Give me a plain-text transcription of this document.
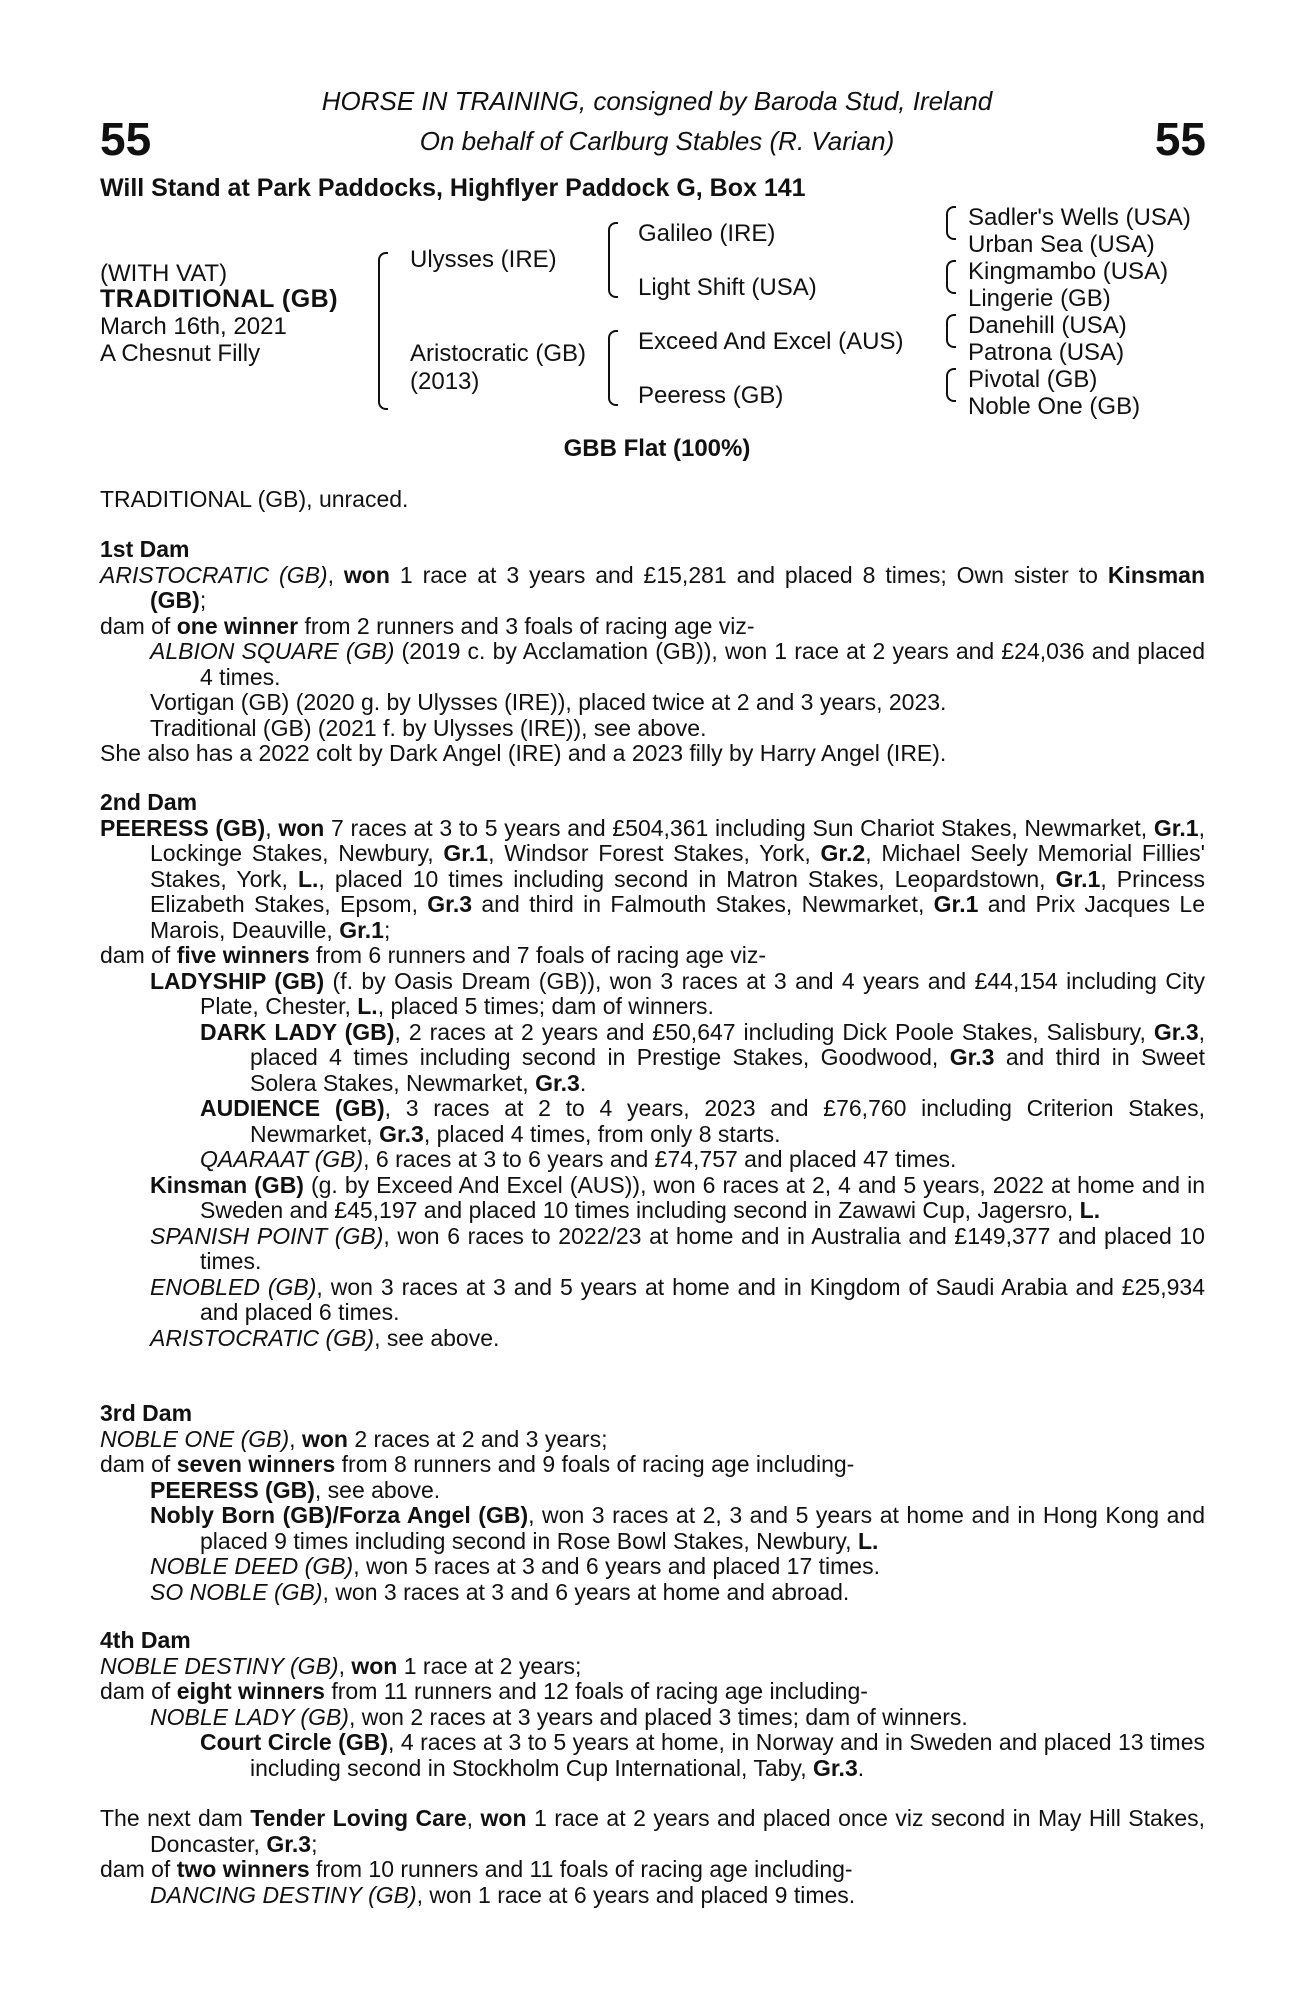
55	55
HORSE IN TRAINING, consigned by Baroda Stud, Ireland
On behalf of Carlburg Stables (R. Varian)
Will Stand at Park Paddocks, Highflyer Paddock G, Box 141
(WITH VAT)
TRADITIONAL (GB)
March 16th, 2021
A Chesnut Filly
Ulysses (IRE)
Aristocratic (GB)
(2013)
Galileo (IRE)
Light Shift (USA)
Exceed And Excel (AUS)
Peeress (GB)
Sadler's Wells (USA)
Urban Sea (USA)
Kingmambo (USA)
Lingerie (GB)
Danehill (USA)
Patrona (USA)
Pivotal (GB)
Noble One (GB)
GBB Flat (100%)
TRADITIONAL (GB), unraced.

1st Dam

ARISTOCRATIC (GB), won 1 race at 3 years and £15,281 and placed 8 times; Own sister to Kinsman (GB);

dam of one winner from 2 runners and 3 foals of racing age viz-

ALBION SQUARE (GB) (2019 c. by Acclamation (GB)), won 1 race at 2 years and £24,036 and placed 4 times.

Vortigan (GB) (2020 g. by Ulysses (IRE)), placed twice at 2 and 3 years, 2023.

Traditional (GB) (2021 f. by Ulysses (IRE)), see above.

She also has a 2022 colt by Dark Angel (IRE) and a 2023 filly by Harry Angel (IRE).

2nd Dam

PEERESS (GB), won 7 races at 3 to 5 years and £504,361 including Sun Chariot Stakes, Newmarket, Gr.1, Lockinge Stakes, Newbury, Gr.1, Windsor Forest Stakes, York, Gr.2, Michael Seely Memorial Fillies' Stakes, York, L., placed 10 times including second in Matron Stakes, Leopardstown, Gr.1, Princess Elizabeth Stakes, Epsom, Gr.3 and third in Falmouth Stakes, Newmarket, Gr.1 and Prix Jacques Le Marois, Deauville, Gr.1;

dam of five winners from 6 runners and 7 foals of racing age viz-

LADYSHIP (GB) (f. by Oasis Dream (GB)), won 3 races at 3 and 4 years and £44,154 including City Plate, Chester, L., placed 5 times; dam of winners.

DARK LADY (GB), 2 races at 2 years and £50,647 including Dick Poole Stakes, Salisbury, Gr.3, placed 4 times including second in Prestige Stakes, Goodwood, Gr.3 and third in Sweet Solera Stakes, Newmarket, Gr.3.

AUDIENCE (GB), 3 races at 2 to 4 years, 2023 and £76,760 including Criterion Stakes, Newmarket, Gr.3, placed 4 times, from only 8 starts.

QAARAAT (GB), 6 races at 3 to 6 years and £74,757 and placed 47 times.

Kinsman (GB) (g. by Exceed And Excel (AUS)), won 6 races at 2, 4 and 5 years, 2022 at home and in Sweden and £45,197 and placed 10 times including second in Zawawi Cup, Jagersro, L.

SPANISH POINT (GB), won 6 races to 2022/23 at home and in Australia and £149,377 and placed 10 times.

ENOBLED (GB), won 3 races at 3 and 5 years at home and in Kingdom of Saudi Arabia and £25,934 and placed 6 times.

ARISTOCRATIC (GB), see above.

3rd Dam

NOBLE ONE (GB), won 2 races at 2 and 3 years;

dam of seven winners from 8 runners and 9 foals of racing age including-

PEERESS (GB), see above.

Nobly Born (GB)/Forza Angel (GB), won 3 races at 2, 3 and 5 years at home and in Hong Kong and placed 9 times including second in Rose Bowl Stakes, Newbury, L.

NOBLE DEED (GB), won 5 races at 3 and 6 years and placed 17 times.

SO NOBLE (GB), won 3 races at 3 and 6 years at home and abroad.

4th Dam

NOBLE DESTINY (GB), won 1 race at 2 years;

dam of eight winners from 11 runners and 12 foals of racing age including-

NOBLE LADY (GB), won 2 races at 3 years and placed 3 times; dam of winners.

Court Circle (GB), 4 races at 3 to 5 years at home, in Norway and in Sweden and placed 13 times including second in Stockholm Cup International, Taby, Gr.3.

The next dam Tender Loving Care, won 1 race at 2 years and placed once viz second in May Hill Stakes, Doncaster, Gr.3;

dam of two winners from 10 runners and 11 foals of racing age including-

DANCING DESTINY (GB), won 1 race at 6 years and placed 9 times.
